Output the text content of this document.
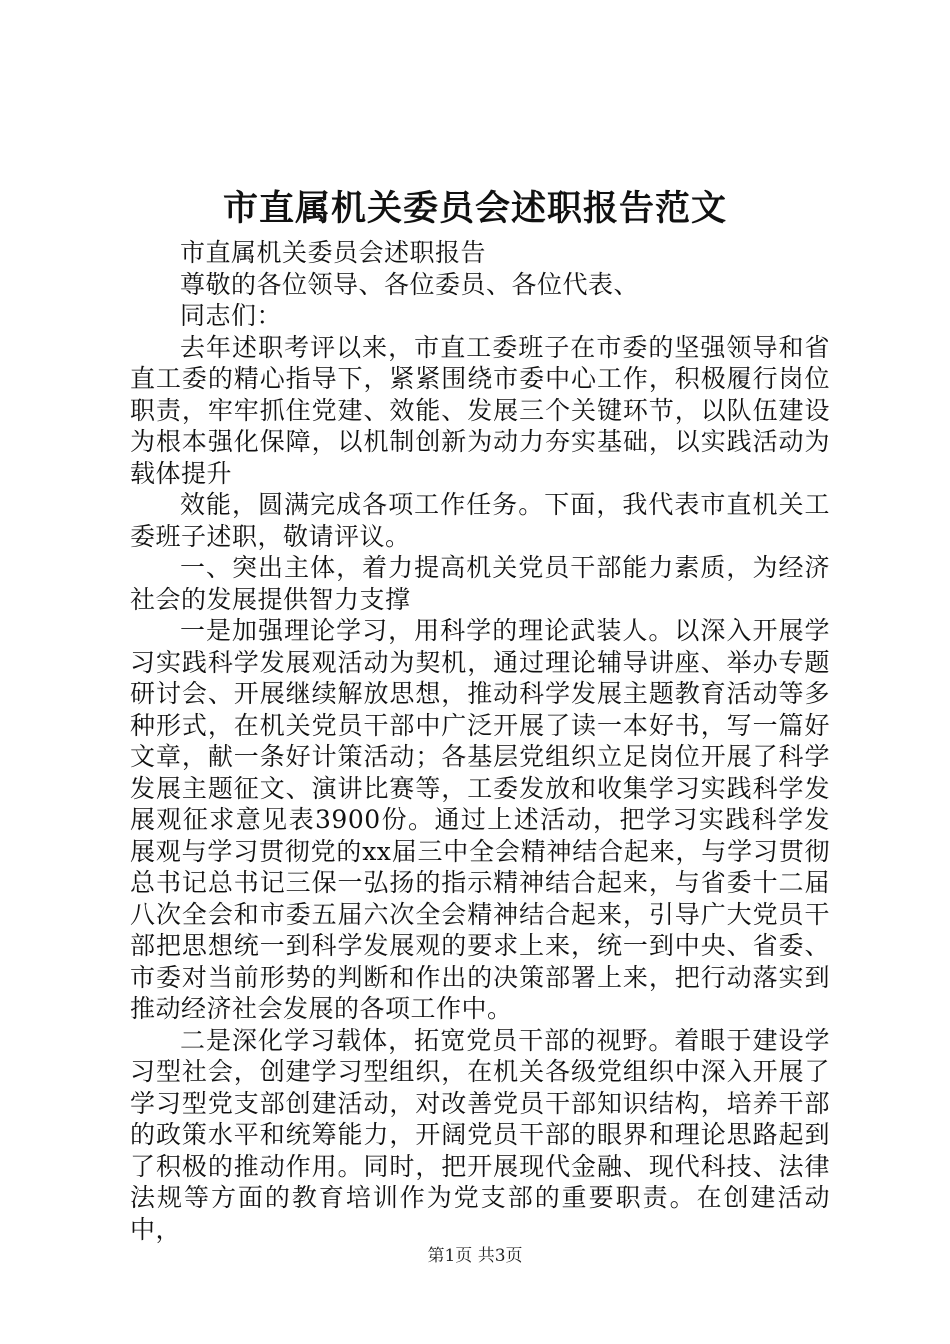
市直属机关委员会述职报告范文

市直属机关委员会述职报告

尊敬的各位领导、各位委员、各位代表、

同志们：

去年述职考评以来，市直工委班子在市委的坚强领导和省直工委的精心指导下，紧紧围绕市委中心工作，积极履行岗位职责，牢牢抓住党建、效能、发展三个关键环节，以队伍建设为根本强化保障，以机制创新为动力夯实基础，以实践活动为载体提升

效能，圆满完成各项工作任务。下面，我代表市直机关工委班子述职，敬请评议。

一、突出主体，着力提高机关党员干部能力素质，为经济社会的发展提供智力支撑

一是加强理论学习，用科学的理论武装人。以深入开展学习实践科学发展观活动为契机，通过理论辅导讲座、举办专题研讨会、开展继续解放思想，推动科学发展主题教育活动等多种形式，在机关党员干部中广泛开展了读一本好书，写一篇好文章，献一条好计策活动；各基层党组织立足岗位开展了科学发展主题征文、演讲比赛等，工委发放和收集学习实践科学发展观征求意见表3900份。通过上述活动，把学习实践科学发展观与学习贯彻党的xx届三中全会精神结合起来，与学习贯彻总书记总书记三保一弘扬的指示精神结合起来，与省委十二届八次全会和市委五届六次全会精神结合起来，引导广大党员干部把思想统一到科学发展观的要求上来，统一到中央、省委、市委对当前形势的判断和作出的决策部署上来，把行动落实到推动经济社会发展的各项工作中。

二是深化学习载体，拓宽党员干部的视野。着眼于建设学习型社会，创建学习型组织，在机关各级党组织中深入开展了学习型党支部创建活动，对改善党员干部知识结构，培养干部的政策水平和统筹能力，开阔党员干部的眼界和理论思路起到了积极的推动作用。同时，把开展现代金融、现代科技、法律法规等方面的教育培训作为党支部的重要职责。在创建活动中，

第1页 共3页
